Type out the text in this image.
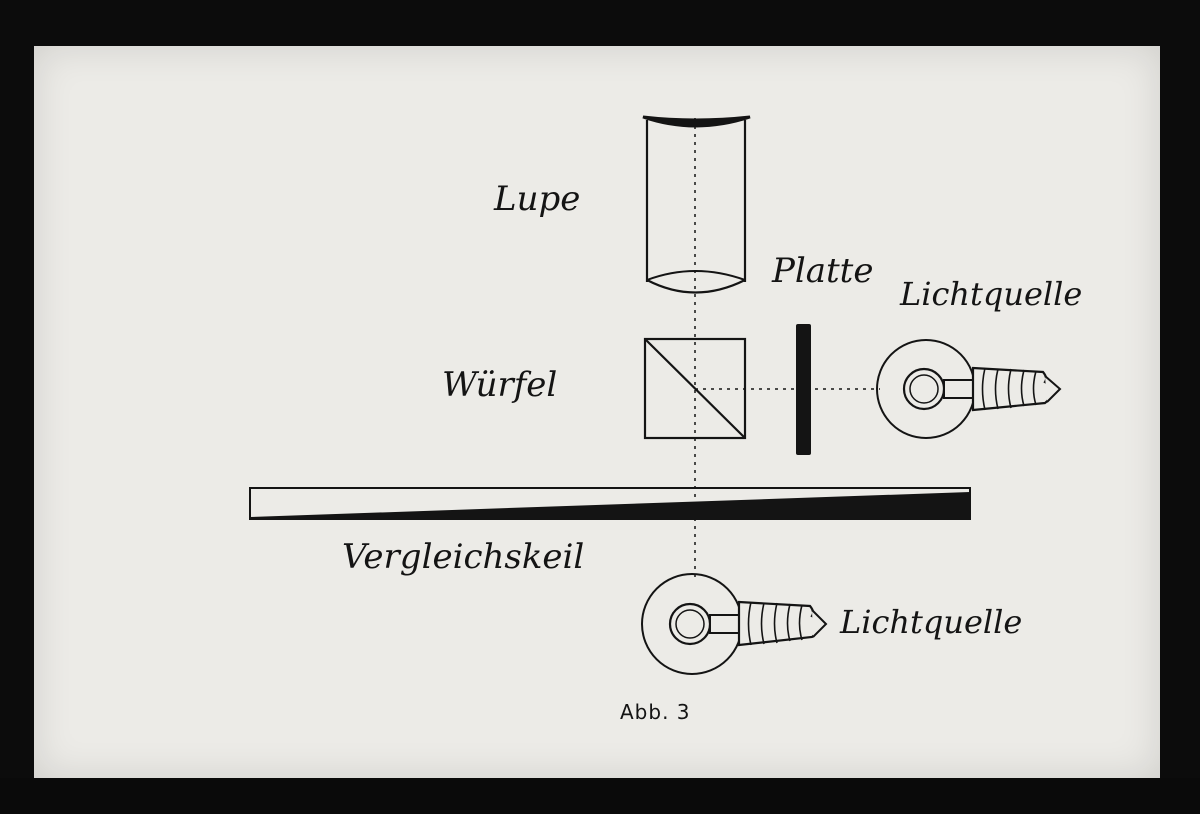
Lupe
Platte
Lichtquelle
Würfel
Vergleichskeil
Lichtquelle
Abb. 3
